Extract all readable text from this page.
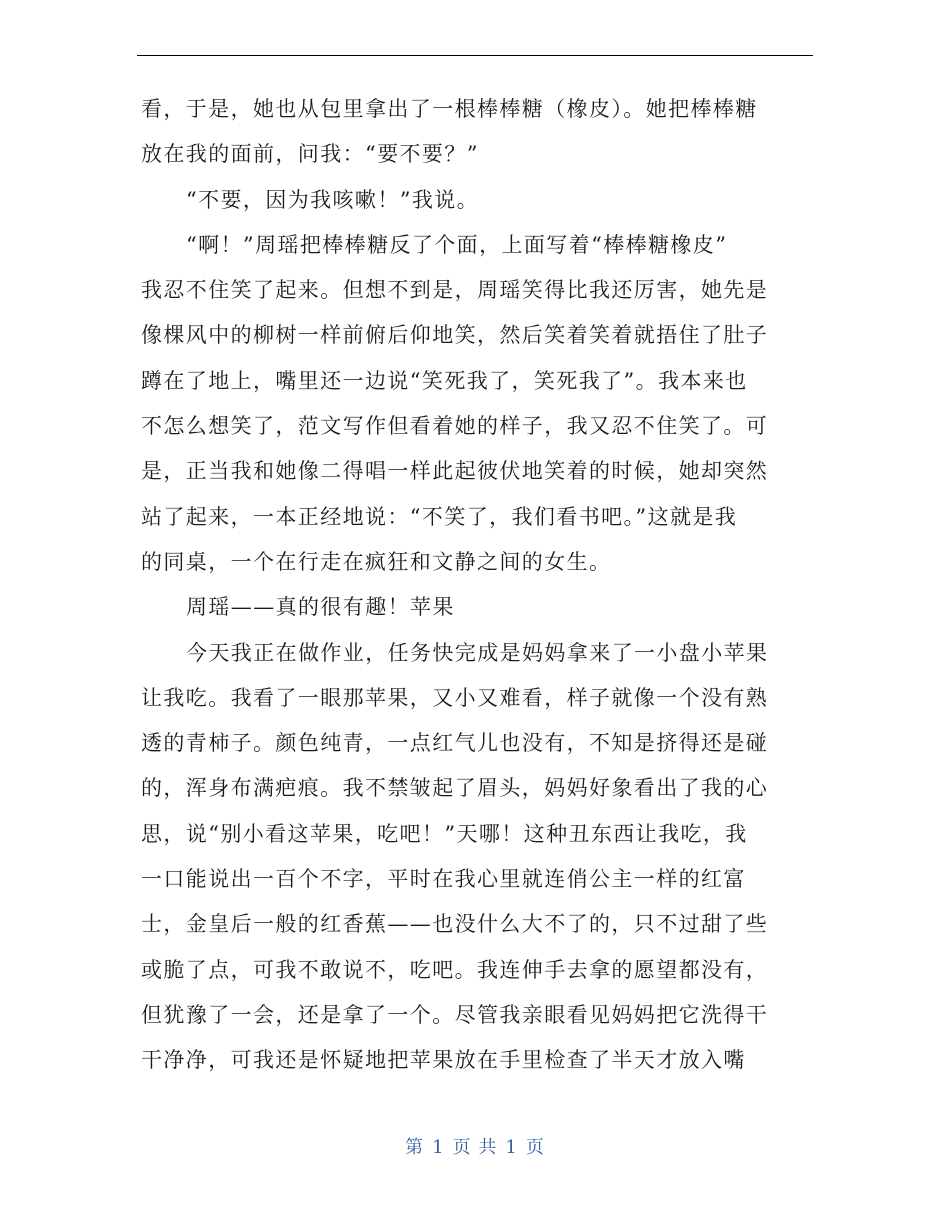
看，于是，她也从包里拿出了一根棒棒糖（橡皮）。她把棒棒糖
放在我的面前，问我：“要不要？”
“不要，因为我咳嗽！”我说。
“啊！”周瑶把棒棒糖反了个面，上面写着“棒棒糖橡皮”
我忍不住笑了起来。但想不到是，周瑶笑得比我还厉害，她先是
像棵风中的柳树一样前俯后仰地笑，然后笑着笑着就捂住了肚子
蹲在了地上，嘴里还一边说“笑死我了，笑死我了”。我本来也
不怎么想笑了，范文写作但看着她的样子，我又忍不住笑了。可
是，正当我和她像二得唱一样此起彼伏地笑着的时候，她却突然
站了起来，一本正经地说：“不笑了，我们看书吧。”这就是我
的同桌，一个在行走在疯狂和文静之间的女生。
周瑶——真的很有趣！苹果
今天我正在做作业，任务快完成是妈妈拿来了一小盘小苹果
让我吃。我看了一眼那苹果，又小又难看，样子就像一个没有熟
透的青柿子。颜色纯青，一点红气儿也没有，不知是挤得还是碰
的，浑身布满疤痕。我不禁皱起了眉头，妈妈好象看出了我的心
思，说“别小看这苹果，吃吧！”天哪！这种丑东西让我吃，我
一口能说出一百个不字，平时在我心里就连俏公主一样的红富
士，金皇后一般的红香蕉——也没什么大不了的，只不过甜了些
或脆了点，可我不敢说不，吃吧。我连伸手去拿的愿望都没有，
但犹豫了一会，还是拿了一个。尽管我亲眼看见妈妈把它洗得干
干净净，可我还是怀疑地把苹果放在手里检查了半天才放入嘴
第 1 页 共 1 页
